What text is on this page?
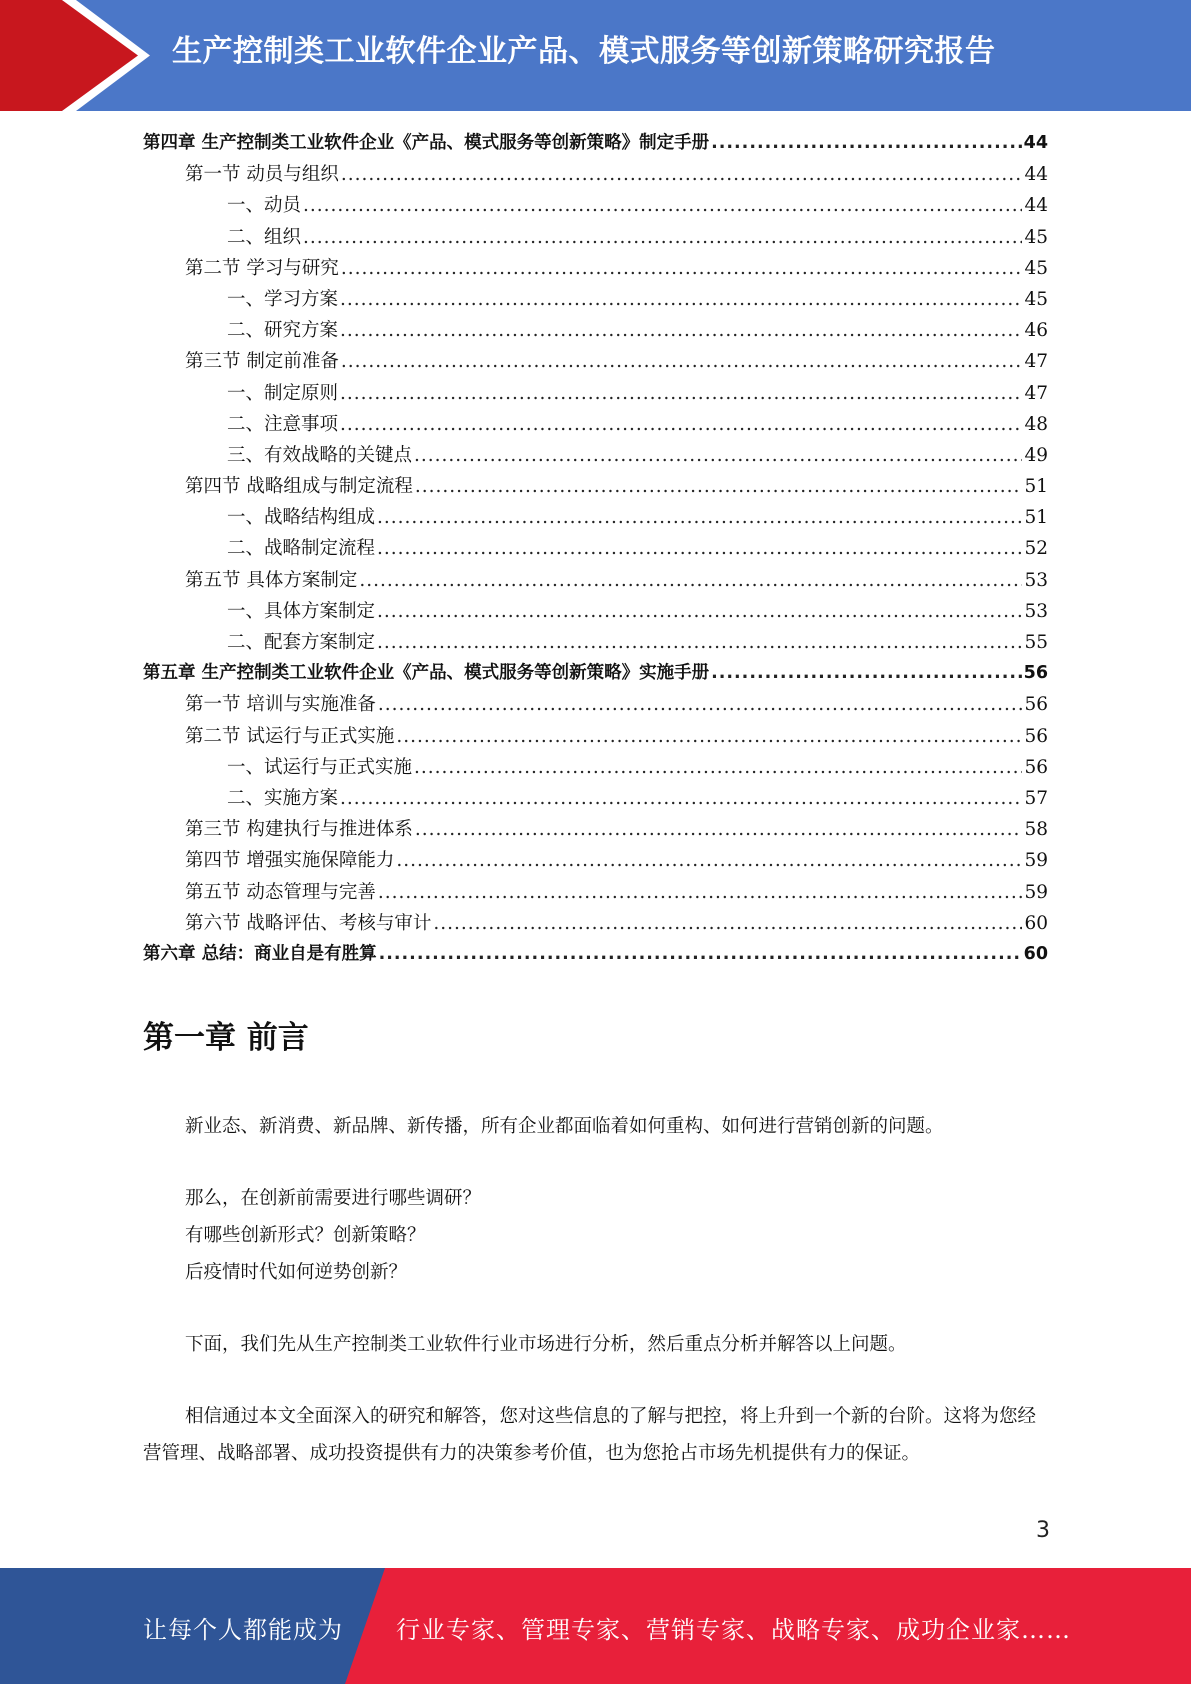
生产控制类工业软件企业产品、模式服务等创新策略研究报告
第四章 生产控制类工业软件企业《产品、模式服务等创新策略》制定手册 .....	44
第一节 动员与组织 .....	44
一、动员 .....	44
二、组织 .....	45
第二节 学习与研究 .....	45
一、学习方案 .....	45
二、研究方案 .....	46
第三节 制定前准备 .....	47
一、制定原则 .....	47
二、注意事项 .....	48
三、有效战略的关键点 .....	49
第四节 战略组成与制定流程 .....	51
一、战略结构组成 .....	51
二、战略制定流程 .....	52
第五节 具体方案制定 .....	53
一、具体方案制定 .....	53
二、配套方案制定 .....	55
第五章 生产控制类工业软件企业《产品、模式服务等创新策略》实施手册 .....	56
第一节 培训与实施准备 .....	56
第二节 试运行与正式实施 .....	56
一、试运行与正式实施 .....	56
二、实施方案 .....	57
第三节 构建执行与推进体系 .....	58
第四节 增强实施保障能力 .....	59
第五节 动态管理与完善 .....	59
第六节 战略评估、考核与审计 .....	60
第六章 总结：商业自是有胜算 .....	60
第一章 前言

新业态、新消费、新品牌、新传播，所有企业都面临着如何重构、如何进行营销创新的问题。

那么，在创新前需要进行哪些调研？

有哪些创新形式？创新策略？

后疫情时代如何逆势创新？

下面，我们先从生产控制类工业软件行业市场进行分析，然后重点分析并解答以上问题。

相信通过本文全面深入的研究和解答，您对这些信息的了解与把控，将上升到一个新的台阶。这将为您经营管理、战略部署、成功投资提供有力的决策参考价值，也为您抢占市场先机提供有力的保证。

3
让每个人都能成为 行业专家、管理专家、营销专家、战略专家、成功企业家……
